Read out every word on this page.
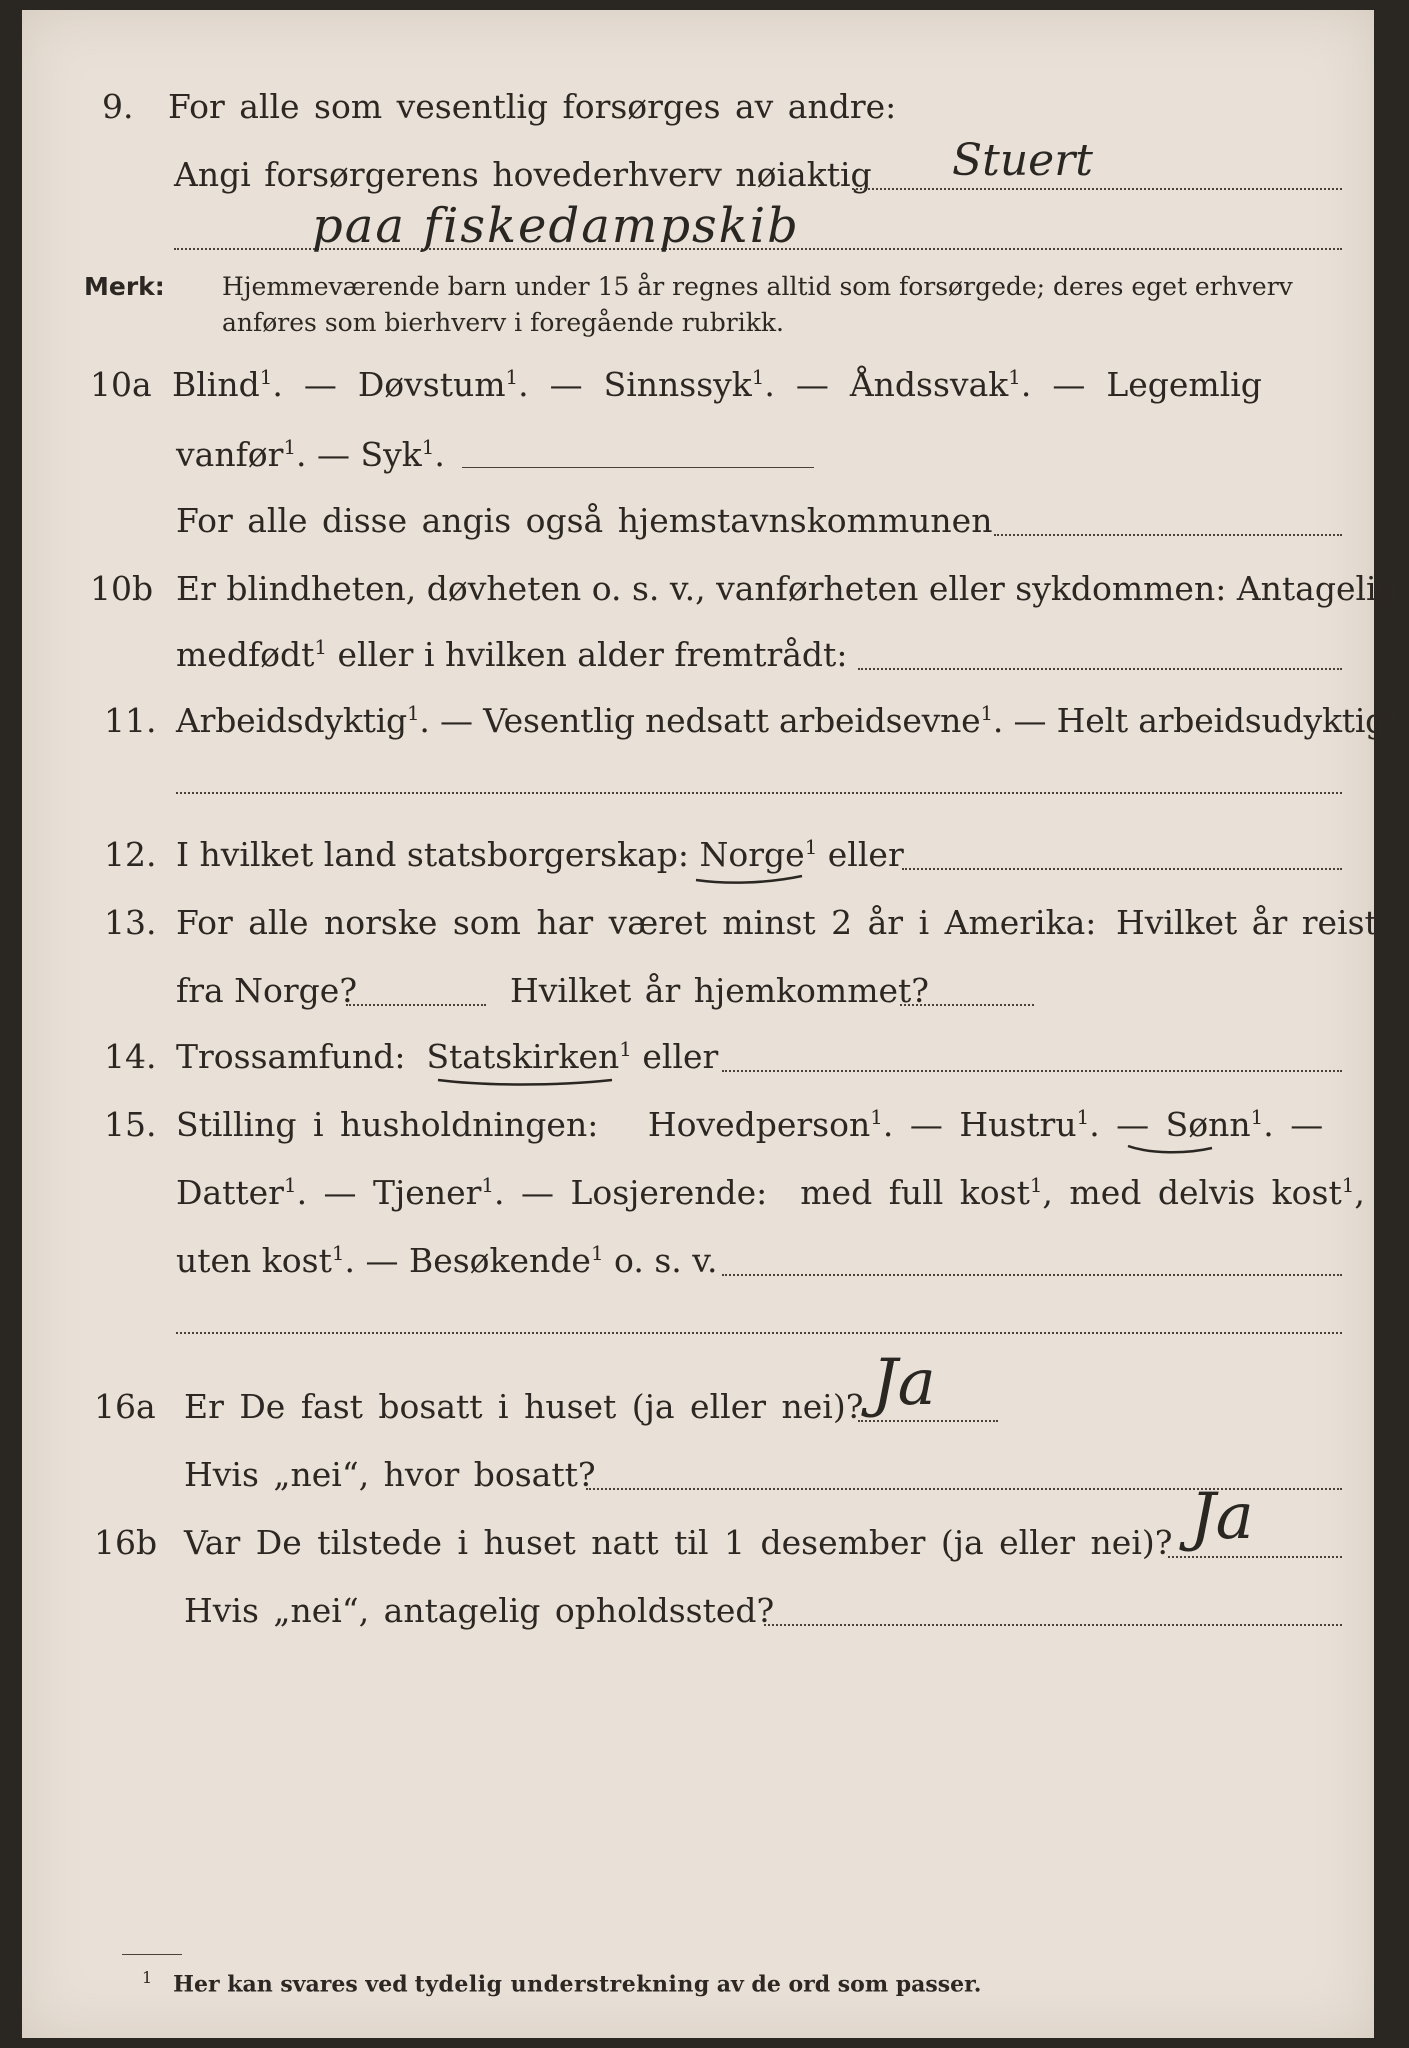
9. For alle som vesentlig forsørges av andre:
Angi forsørgerens hovederhverv nøiaktig Stuert
paa fiskedampskib
Merk: Hjemmeværende barn under 15 år regnes alltid som forsørgede; deres eget erhverv
anføres som bierhverv i foregående rubrikk.
10a Blind$^1$.  — Døvstum$^1$.  — Sinnssyk$^1$.  — Åndssvak$^1$.  — Legemlig
vanfør$^1$. — Syk$^1$.
For alle disse angis også hjemstavnskommunen
10b Er blindheten, døvheten o. s. v., vanførheten eller sykdommen: Antagelig
medfødt$^1$ eller i hvilken alder fremtrådt:
11. Arbeidsdyktig$^1$. — Vesentlig nedsatt arbeidsevne$^1$. — Helt arbeidsudyktig$^1$.
12. I hvilket land statsborgerskap: Norge$^1$ eller
13. For alle norske som har været minst 2 år i Amerika: Hvilket år reist
fra Norge?	Hvilket år hjemkommet?
14. Trossamfund: Statskirken$^1$ eller
15. Stilling i husholdningen: Hovedperson$^1$. — Hustru$^1$. — Sønn$^1$. —
Datter$^1$. — Tjener$^1$. — Losjerende: med full kost$^1$, med delvis kost$^1$,
uten kost$^1$. — Besøkende$^1$ o. s. v.
16a Er De fast bosatt i huset (ja eller nei)? Ja
Hvis „nei“, hvor bosatt?
16b Var De tilstede i huset natt til 1 desember (ja eller nei)? Ja
Hvis „nei“, antagelig opholdssted?
$^1$ Her kan svares ved tydelig understrekning av de ord som passer.
